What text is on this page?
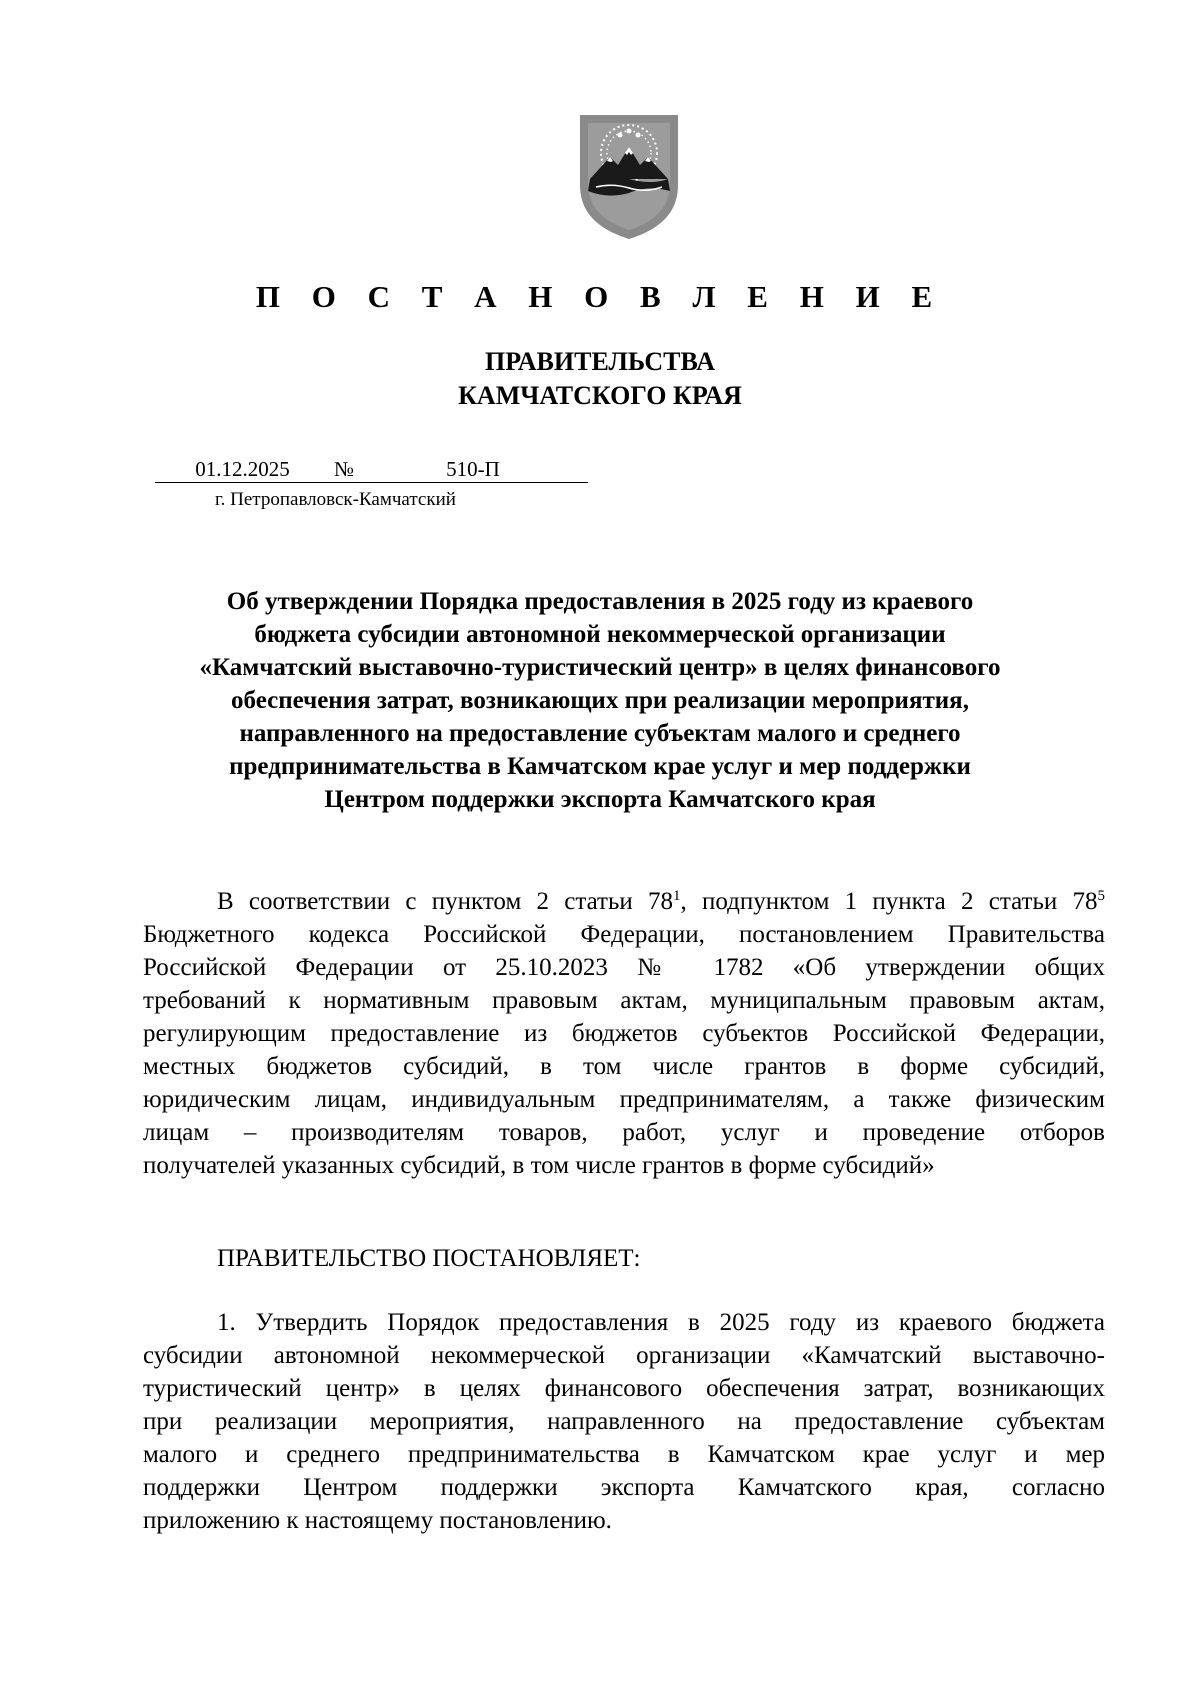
П О С Т А Н О В Л Е Н И Е
ПРАВИТЕЛЬСТВА
КАМЧАТСКОГО КРАЯ
01.12.2025 №	510-П
г. Петропавловск-Камчатский
Об утверждении Порядка предоставления в 2025 году из краевого
бюджета субсидии автономной некоммерческой организации
«Камчатский выставочно-туристический центр» в целях финансового
обеспечения затрат, возникающих при реализации мероприятия,
направленного на предоставление субъектам малого и среднего
предпринимательства в Камчатском крае услуг и мер поддержки
Центром поддержки экспорта Камчатского края
В соответствии с пунктом 2 статьи $78^1$, подпунктом 1 пункта 2 статьи $78^5$
Бюджетного кодекса Российской Федерации, постановлением Правительства
Российской Федерации от 25.10.2023 № 1782 «Об утверждении общих
требований к нормативным правовым актам, муниципальным правовым актам,
регулирующим предоставление из бюджетов субъектов Российской Федерации,
местных бюджетов субсидий, в том числе грантов в форме субсидий,
юридическим лицам, индивидуальным предпринимателям, а также физическим
лицам – производителям товаров, работ, услуг и проведение отборов
получателей указанных субсидий, в том числе грантов в форме субсидий»
ПРАВИТЕЛЬСТВО ПОСТАНОВЛЯЕТ:
1. Утвердить Порядок предоставления в 2025 году из краевого бюджета
субсидии автономной некоммерческой организации «Камчатский выставочно-
туристический центр» в целях финансового обеспечения затрат, возникающих
при реализации мероприятия, направленного на предоставление субъектам
малого и среднего предпринимательства в Камчатском крае услуг и мер
поддержки Центром поддержки экспорта Камчатского края, согласно
приложению к настоящему постановлению.
